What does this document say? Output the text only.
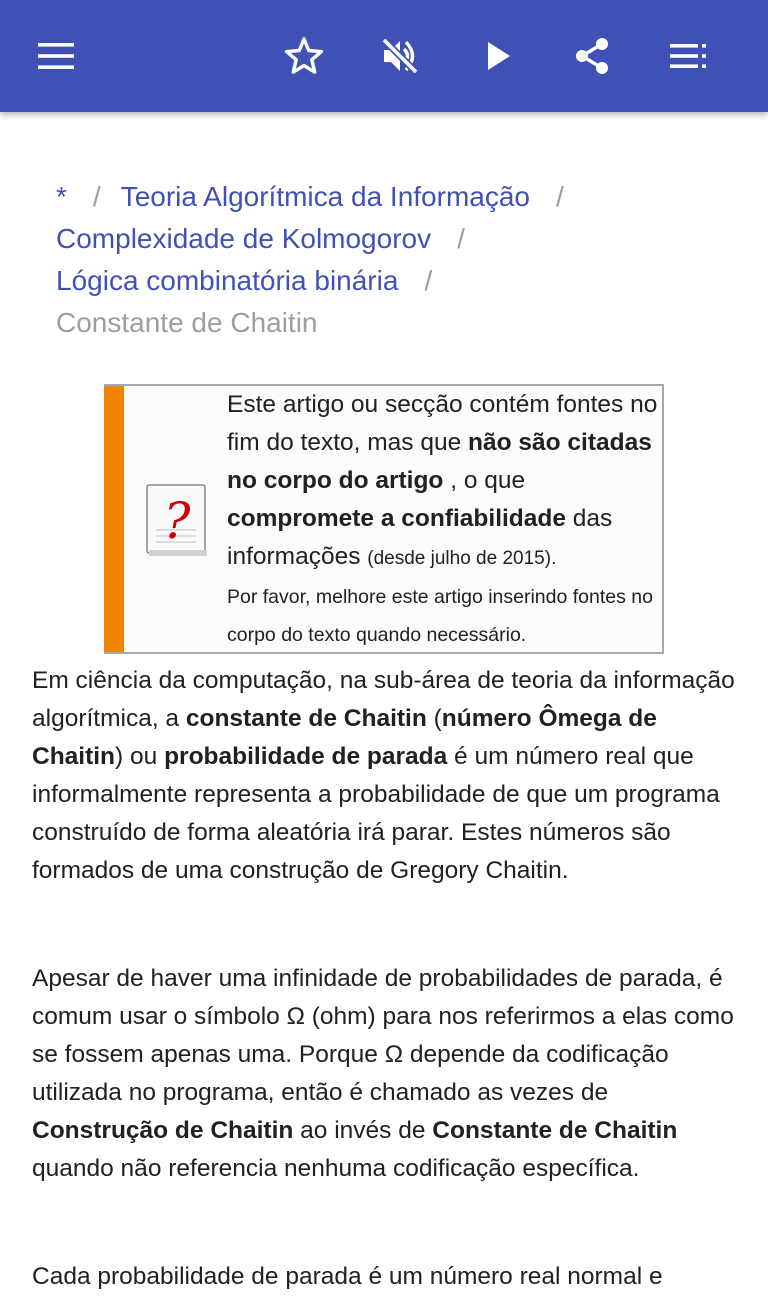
* / Teoria Algorítmica da Informação /
Complexidade de Kolmogorov /
Lógica combinatória binária /
Constante de Chaitin
?
Este artigo ou secção contém fontes no fim do texto, mas que não são citadas no corpo do artigo , o que compromete a confiabilidade das informações (desde julho de 2015).
Por favor, melhore este artigo inserindo fontes no corpo do texto quando necessário.
Em ciência da computação, na sub-área de teoria da informação algorítmica, a constante de Chaitin (número Ômega de Chaitin) ou probabilidade de parada é um número real que informalmente representa a probabilidade de que um programa construído de forma aleatória irá parar. Estes números são formados de uma construção de Gregory Chaitin.
Apesar de haver uma infinidade de probabilidades de parada, é comum usar o símbolo Ω (ohm) para nos referirmos a elas como se fossem apenas uma. Porque Ω depende da codificação utilizada no programa, então é chamado as vezes de Construção de Chaitin ao invés de Constante de Chaitin quando não referencia nenhuma codificação específica.
Cada probabilidade de parada é um número real normal e
